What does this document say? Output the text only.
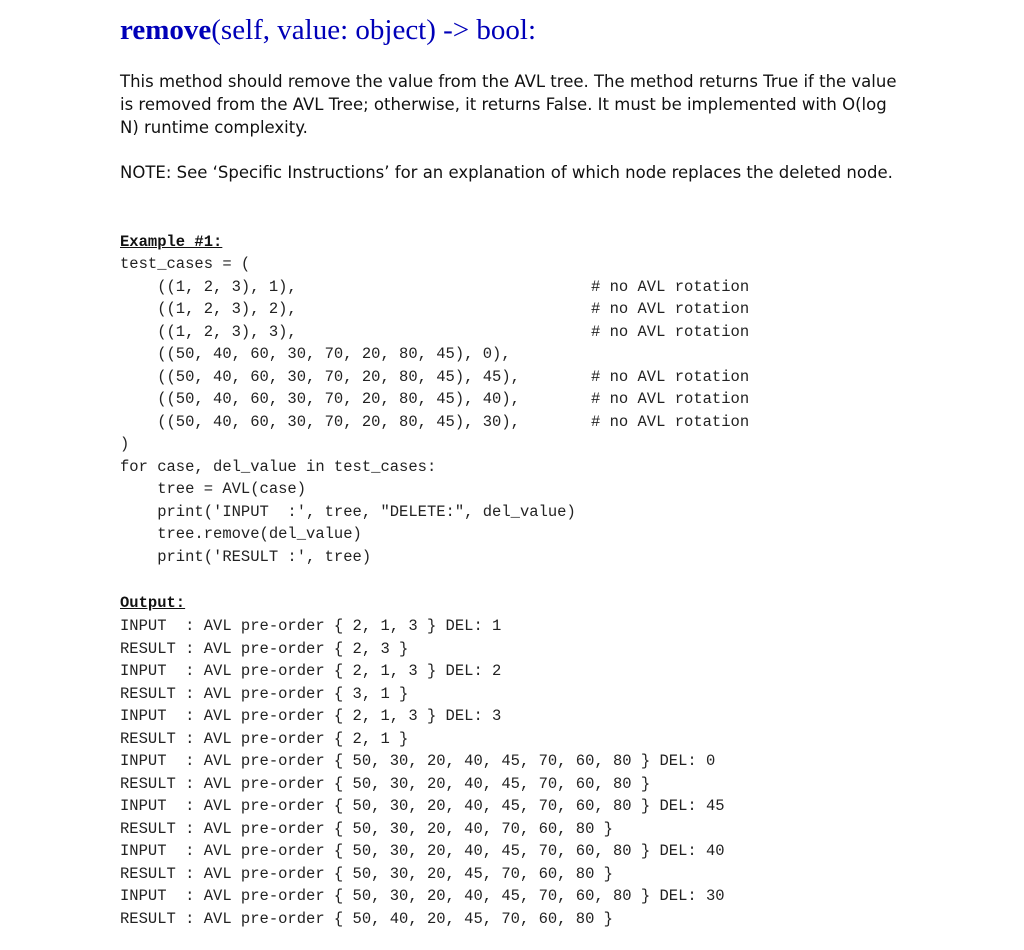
remove(self, value: object) -> bool:

This method should remove the value from the AVL tree. The method returns True if the value is removed from the AVL Tree; otherwise, it returns False. It must be implemented with O(log N) runtime complexity.

NOTE: See ‘Specific Instructions’ for an explanation of which node replaces the deleted node.

Example #1:
test_cases = (
((1, 2, 3), 1),	# no AVL rotation
((1, 2, 3), 2),	# no AVL rotation
((1, 2, 3), 3),	# no AVL rotation
((50, 40, 60, 30, 70, 20, 80, 45), 0),
((50, 40, 60, 30, 70, 20, 80, 45), 45),	# no AVL rotation
((50, 40, 60, 30, 70, 20, 80, 45), 40),	# no AVL rotation
((50, 40, 60, 30, 70, 20, 80, 45), 30),	# no AVL rotation
)
for case, del_value in test_cases:
tree = AVL(case)
print('INPUT  :', tree, "DELETE:", del_value)
tree.remove(del_value)
print('RESULT :', tree)
Output:
INPUT  : AVL pre-order { 2, 1, 3 } DEL: 1
RESULT : AVL pre-order { 2, 3 }
INPUT  : AVL pre-order { 2, 1, 3 } DEL: 2
RESULT : AVL pre-order { 3, 1 }
INPUT  : AVL pre-order { 2, 1, 3 } DEL: 3
RESULT : AVL pre-order { 2, 1 }
INPUT  : AVL pre-order { 50, 30, 20, 40, 45, 70, 60, 80 } DEL: 0
RESULT : AVL pre-order { 50, 30, 20, 40, 45, 70, 60, 80 }
INPUT  : AVL pre-order { 50, 30, 20, 40, 45, 70, 60, 80 } DEL: 45
RESULT : AVL pre-order { 50, 30, 20, 40, 70, 60, 80 }
INPUT  : AVL pre-order { 50, 30, 20, 40, 45, 70, 60, 80 } DEL: 40
RESULT : AVL pre-order { 50, 30, 20, 45, 70, 60, 80 }
INPUT  : AVL pre-order { 50, 30, 20, 40, 45, 70, 60, 80 } DEL: 30
RESULT : AVL pre-order { 50, 40, 20, 45, 70, 60, 80 }
